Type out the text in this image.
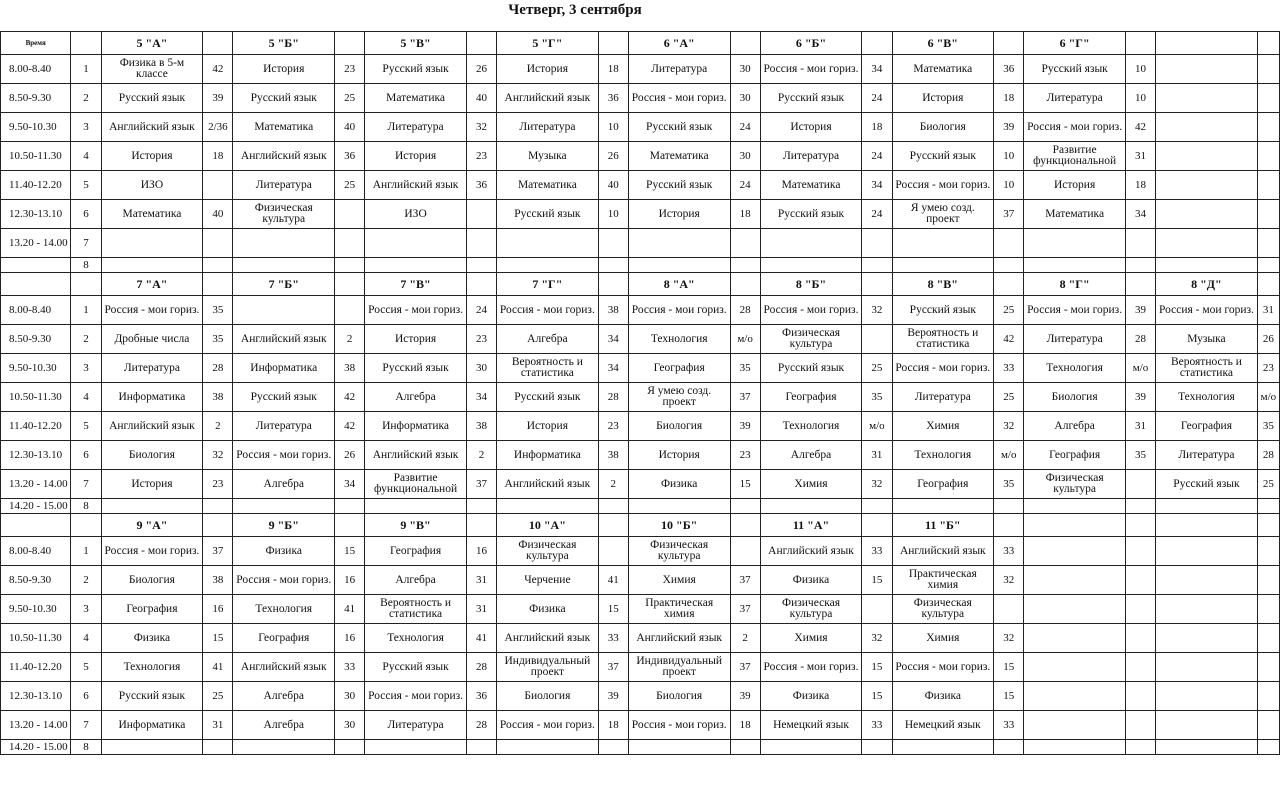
Четверг, 3 сентября
Время		5 "А"		5 "Б"		5 "В"		5 "Г"		6 "А"		6 "Б"		6 "В"		6 "Г"			
8.00-8.40	1	Физика в 5-м классе	42	История	23	Русский язык	26	История	18	Литература	30	Россия - мои гориз.	34	Математика	36	Русский язык	10		
8.50-9.30	2	Русский язык	39	Русский язык	25	Математика	40	Английский язык	36	Россия - мои гориз.	30	Русский язык	24	История	18	Литература	10		
9.50-10.30	3	Английский язык	2/36	Математика	40	Литература	32	Литература	10	Русский язык	24	История	18	Биология	39	Россия - мои гориз.	42		
10.50-11.30	4	История	18	Английский язык	36	История	23	Музыка	26	Математика	30	Литература	24	Русский язык	10	Развитие функциональной	31		
11.40-12.20	5	ИЗО		Литература	25	Английский язык	36	Математика	40	Русский язык	24	Математика	34	Россия - мои гориз.	10	История	18		
12.30-13.10	6	Математика	40	Физическая культура		ИЗО		Русский язык	10	История	18	Русский язык	24	Я умею созд. проект	37	Математика	34		
13.20 - 14.00	7																		
	8																		
		7 "А"		7 "Б"		7 "В"		7 "Г"		8 "А"		8 "Б"		8 "В"		8 "Г"		8 "Д"	
8.00-8.40	1	Россия - мои гориз.	35			Россия - мои гориз.	24	Россия - мои гориз.	38	Россия - мои гориз.	28	Россия - мои гориз.	32	Русский язык	25	Россия - мои гориз.	39	Россия - мои гориз.	31
8.50-9.30	2	Дробные числа	35	Английский язык	2	История	23	Алгебра	34	Технология	м/о	Физическая культура		Вероятность и статистика	42	Литература	28	Музыка	26
9.50-10.30	3	Литература	28	Информатика	38	Русский язык	30	Вероятность и статистика	34	География	35	Русский язык	25	Россия - мои гориз.	33	Технология	м/о	Вероятность и статистика	23
10.50-11.30	4	Информатика	38	Русский язык	42	Алгебра	34	Русский язык	28	Я умею созд. проект	37	География	35	Литература	25	Биология	39	Технология	м/о
11.40-12.20	5	Английский язык	2	Литература	42	Информатика	38	История	23	Биология	39	Технология	м/о	Химия	32	Алгебра	31	География	35
12.30-13.10	6	Биология	32	Россия - мои гориз.	26	Английский язык	2	Информатика	38	История	23	Алгебра	31	Технология	м/о	География	35	Литература	28
13.20 - 14.00	7	История	23	Алгебра	34	Развитие функциональной	37	Английский язык	2	Физика	15	Химия	32	География	35	Физическая культура		Русский язык	25
14.20 - 15.00	8																		
		9 "А"		9 "Б"		9 "В"		10 "А"		10 "Б"		11 "А"		11 "Б"					
8.00-8.40	1	Россия - мои гориз.	37	Физика	15	География	16	Физическая культура		Физическая культура		Английский язык	33	Английский язык	33				
8.50-9.30	2	Биология	38	Россия - мои гориз.	16	Алгебра	31	Черчение	41	Химия	37	Физика	15	Практическая химия	32				
9.50-10.30	3	География	16	Технология	41	Вероятность и статистика	31	Физика	15	Практическая химия	37	Физическая культура		Физическая культура					
10.50-11.30	4	Физика	15	География	16	Технология	41	Английский язык	33	Английский язык	2	Химия	32	Химия	32				
11.40-12.20	5	Технология	41	Английский язык	33	Русский язык	28	Индивидуальный проект	37	Индивидуальный проект	37	Россия - мои гориз.	15	Россия - мои гориз.	15				
12.30-13.10	6	Русский язык	25	Алгебра	30	Россия - мои гориз.	36	Биология	39	Биология	39	Физика	15	Физика	15				
13.20 - 14.00	7	Информатика	31	Алгебра	30	Литература	28	Россия - мои гориз.	18	Россия - мои гориз.	18	Немецкий язык	33	Немецкий язык	33				
14.20 - 15.00	8																		
